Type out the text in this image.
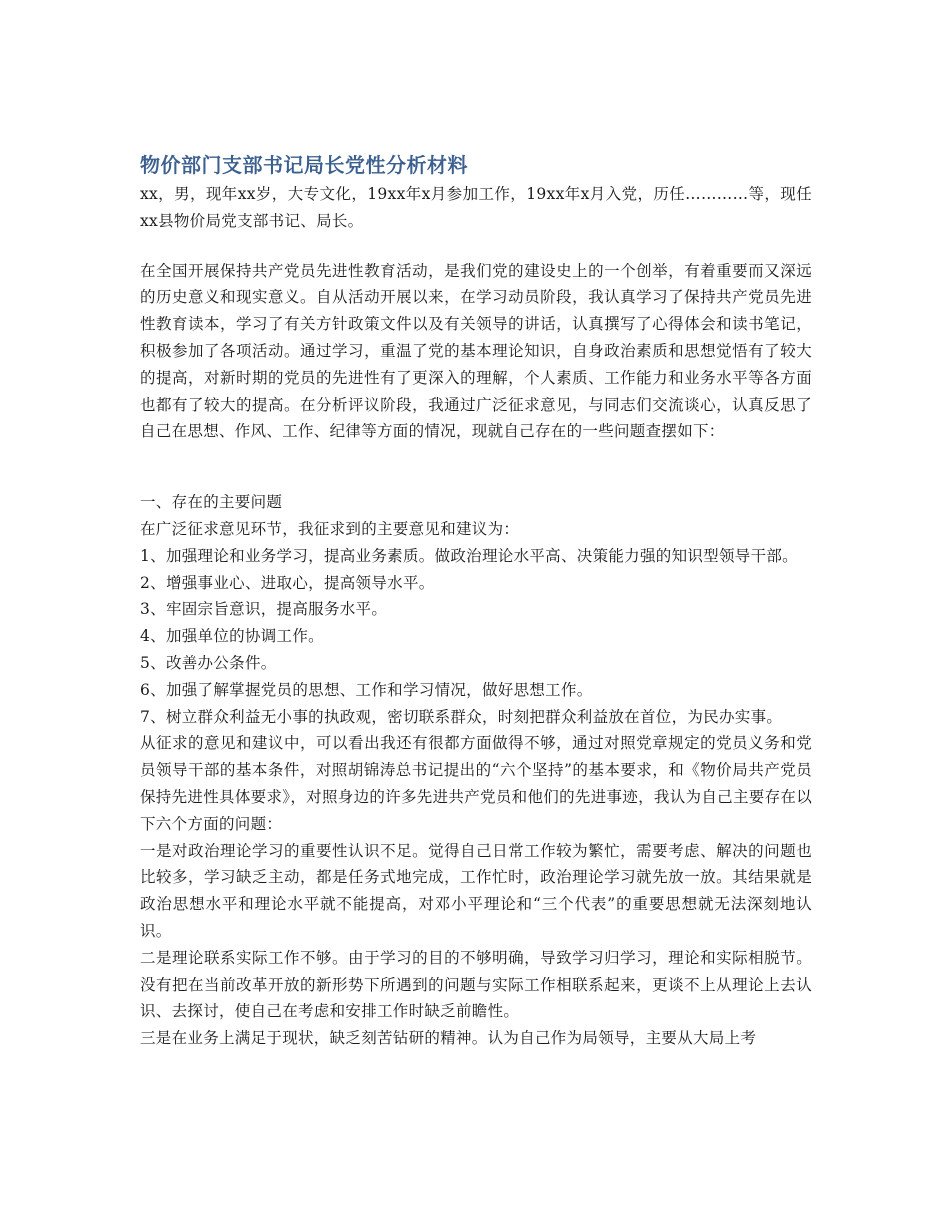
物价部门支部书记局长党性分析材料

xx，男，现年xx岁，大专文化，19xx年x月参加工作，19xx年x月入党，历任…………等，现任xx县物价局党支部书记、局长。

在全国开展保持共产党员先进性教育活动，是我们党的建设史上的一个创举，有着重要而又深远的历史意义和现实意义。自从活动开展以来，在学习动员阶段，我认真学习了保持共产党员先进性教育读本，学习了有关方针政策文件以及有关领导的讲话，认真撰写了心得体会和读书笔记，积极参加了各项活动。通过学习，重温了党的基本理论知识，自身政治素质和思想觉悟有了较大的提高，对新时期的党员的先进性有了更深入的理解，个人素质、工作能力和业务水平等各方面也都有了较大的提高。在分析评议阶段，我通过广泛征求意见，与同志们交流谈心，认真反思了自己在思想、作风、工作、纪律等方面的情况，现就自己存在的一些问题查摆如下：

一、存在的主要问题

在广泛征求意见环节，我征求到的主要意见和建议为：

1、加强理论和业务学习，提高业务素质。做政治理论水平高、决策能力强的知识型领导干部。

2、增强事业心、进取心，提高领导水平。

3、牢固宗旨意识，提高服务水平。

4、加强单位的协调工作。

5、改善办公条件。

6、加强了解掌握党员的思想、工作和学习情况，做好思想工作。

7、树立群众利益无小事的执政观，密切联系群众，时刻把群众利益放在首位，为民办实事。

从征求的意见和建议中，可以看出我还有很都方面做得不够，通过对照党章规定的党员义务和党员领导干部的基本条件，对照胡锦涛总书记提出的“六个坚持”的基本要求，和《物价局共产党员保持先进性具体要求》，对照身边的许多先进共产党员和他们的先进事迹，我认为自己主要存在以下六个方面的问题：

一是对政治理论学习的重要性认识不足。觉得自己日常工作较为繁忙，需要考虑、解决的问题也比较多，学习缺乏主动，都是任务式地完成，工作忙时，政治理论学习就先放一放。其结果就是政治思想水平和理论水平就不能提高，对邓小平理论和“三个代表”的重要思想就无法深刻地认识。

二是理论联系实际工作不够。由于学习的目的不够明确，导致学习归学习，理论和实际相脱节。没有把在当前改革开放的新形势下所遇到的问题与实际工作相联系起来，更谈不上从理论上去认识、去探讨，使自己在考虑和安排工作时缺乏前瞻性。

三是在业务上满足于现状，缺乏刻苦钻研的精神。认为自己作为局领导，主要从大局上考
